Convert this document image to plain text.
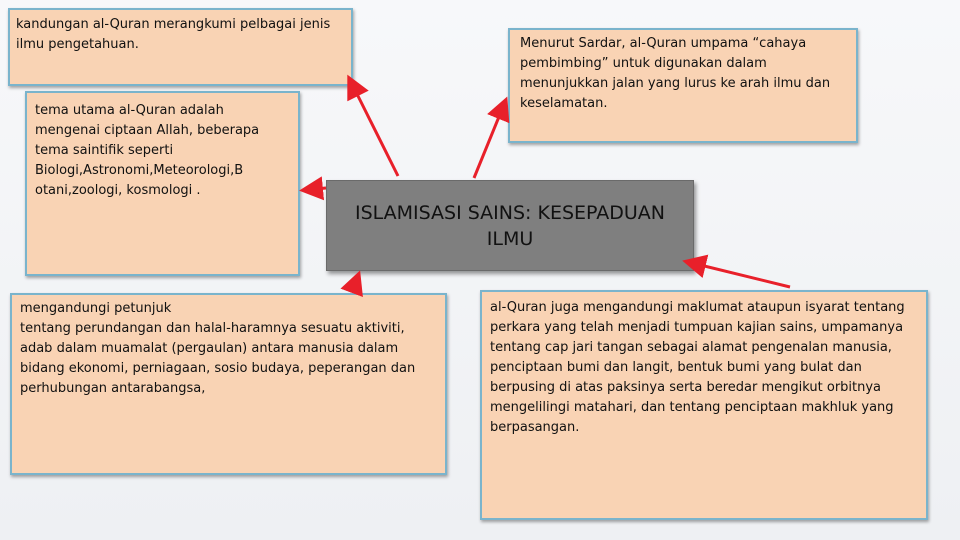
kandungan al-Quran merangkumi pelbagai jenis ilmu pengetahuan.
tema utama al-Quran adalah mengenai ciptaan Allah, beberapa tema saintifik seperti Biologi,Astronomi,Meteorologi,B otani,zoologi, kosmologi .
Menurut Sardar, al-Quran umpama “cahaya pembimbing” untuk digunakan dalam menunjukkan jalan yang lurus ke arah ilmu dan keselamatan.
mengandungi petunjuk
tentang perundangan dan halal-haramnya sesuatu aktiviti,
adab dalam muamalat (pergaulan) antara manusia dalam bidang ekonomi, perniagaan, sosio budaya, peperangan dan perhubungan antarabangsa,
al-Quran juga mengandungi maklumat ataupun isyarat tentang perkara yang telah menjadi tumpuan kajian sains, umpamanya tentang cap jari tangan sebagai alamat pengenalan manusia, penciptaan bumi dan langit, bentuk bumi yang bulat dan berpusing di atas paksinya serta beredar mengikut orbitnya mengelilingi matahari, dan tentang penciptaan makhluk yang berpasangan.
ISLAMISASI SAINS: KESEPADUAN ILMU
